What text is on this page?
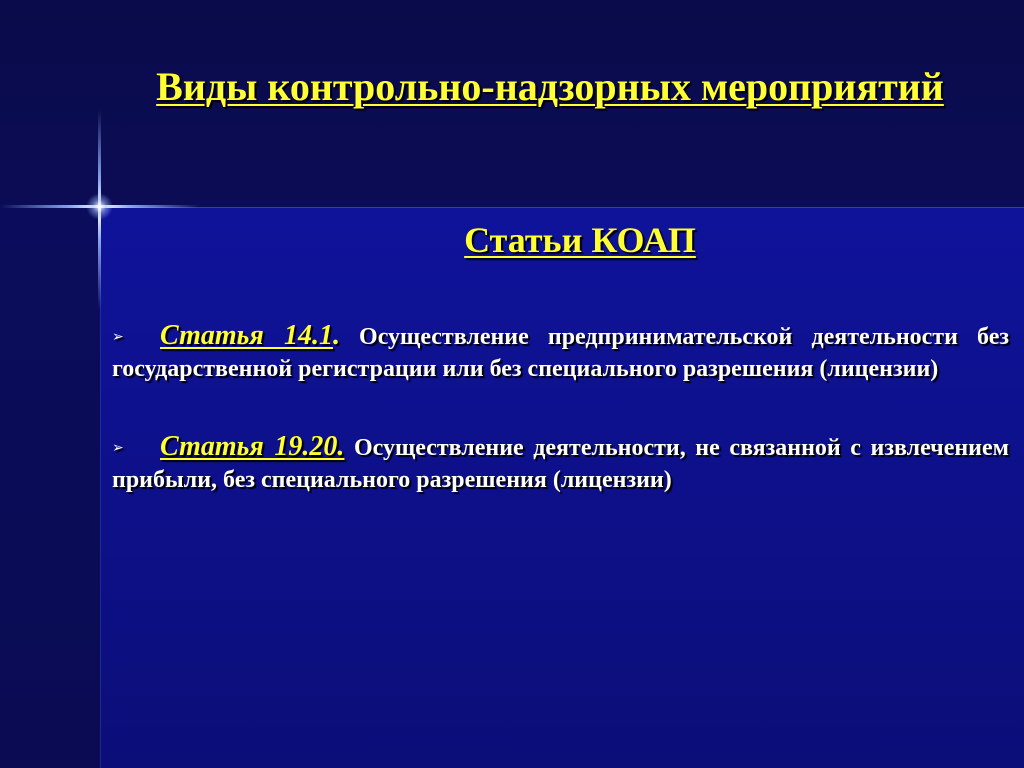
Виды контрольно-надзорных мероприятий
Статьи КОАП

➢ Статья 14.1. Осуществление предпринимательской деятельности без государственной регистрации или без специального разрешения (лицензии)

➢ Статья 19.20. Осуществление деятельности, не связанной с извлечением прибыли, без специального разрешения (лицензии)
